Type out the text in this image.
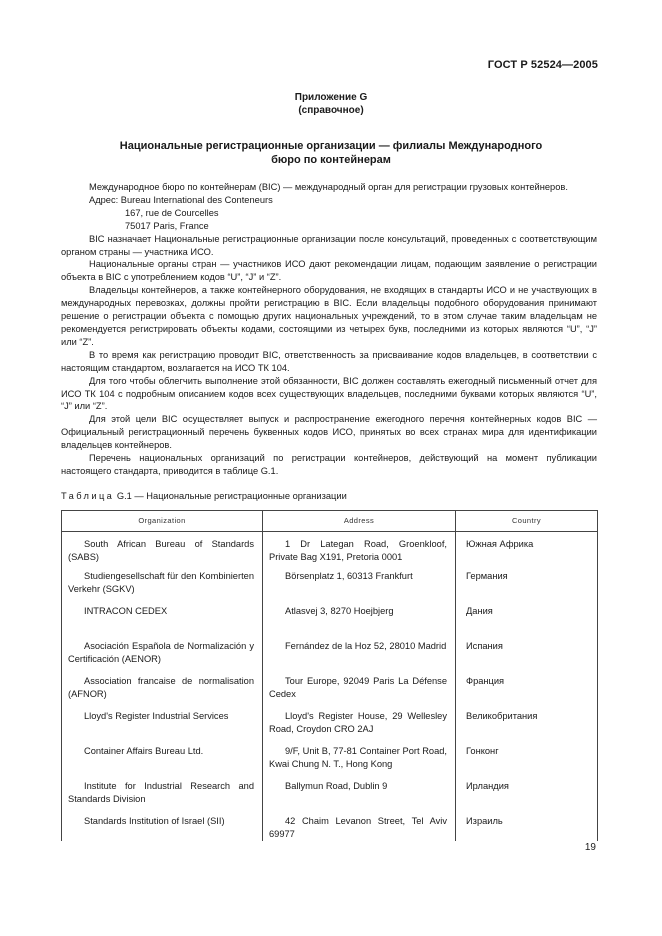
ГОСТ Р 52524—2005
Приложение G
(справочное)
Национальные регистрационные организации — филиалы Международного
бюро по контейнерам

Международное бюро по контейнерам (BIC) — международный орган для регистрации грузовых контейнеров.

Адрес: Bureau International des Conteneurs

167, rue de Courcelles

75017 Paris, France

BIC назначает Национальные регистрационные организации после консультаций, проведенных с соответствующим органом страны — участника ИСО.

Национальные органы стран — участников ИСО дают рекомендации лицам, подающим заявление о регистрации объекта в BIC с употреблением кодов “U”, “J” и “Z”.

Владельцы контейнеров, а также контейнерного оборудования, не входящих в стандарты ИСО и не участвующих в международных перевозках, должны пройти регистрацию в BIC. Если владельцы подобного оборудования принимают решение о регистрации объекта с помощью других национальных учреждений, то в этом случае таким владельцам не рекомендуется регистрировать объекты кодами, состоящими из четырех букв, последними из которых являются “U”, “J” или “Z”.

В то время как регистрацию проводит BIC, ответственность за присваивание кодов владельцев, в соответствии с настоящим стандартом, возлагается на ИСО ТК 104.

Для того чтобы облегчить выполнение этой обязанности, BIC должен составлять ежегодный письменный отчет для ИСО ТК 104 с подробным описанием кодов всех существующих владельцев, последними буквами которых являются “U”, “J” или “Z”.

Для этой цели BIC осуществляет выпуск и распространение ежегодного перечня контейнерных кодов BIC — Официальный регистрационный перечень буквенных кодов ИСО, принятых во всех странах мира для идентификации владельцев контейнеров.

Перечень национальных организаций по регистрации контейнеров, действующий на момент публикации настоящего стандарта, приводится в таблице G.1.

Таблица G.1 — Национальные регистрационные организации
Organization	Address	Country

South African Bureau of Standards (SABS)	1 Dr Lategan Road, Groenkloof, Private Bag X191, Pretoria 0001	Южная Африка

Studiengesellschaft für den Kombinierten Verkehr (SGKV)	Börsenplatz 1, 60313 Frankfurt	Германия

INTRACON CEDEX	Atlasvej 3, 8270 Hoejbjerg	Дания

Asociación Española de Normalización y Certificación (AENOR)	Fernández de la Hoz 52, 28010 Madrid	Испания

Association francaise de normalisation (AFNOR)	Tour Europe, 92049 Paris La Défense Cedex	Франция

Lloyd's Register Industrial Services	Lloyd's Register House, 29 Wellesley Road, Croydon CRO 2AJ	Великобритания

Container Affairs Bureau Ltd.	9/F, Unit B, 77-81 Container Port Road, Kwai Chung N. T., Hong Kong	Гонконг

Institute for Industrial Research and Standards Division	Ballymun Road, Dublin 9	Ирландия

Standards Institution of Israel (SII)	42 Chaim Levanon Street, Tel Aviv 69977	Израиль
19
